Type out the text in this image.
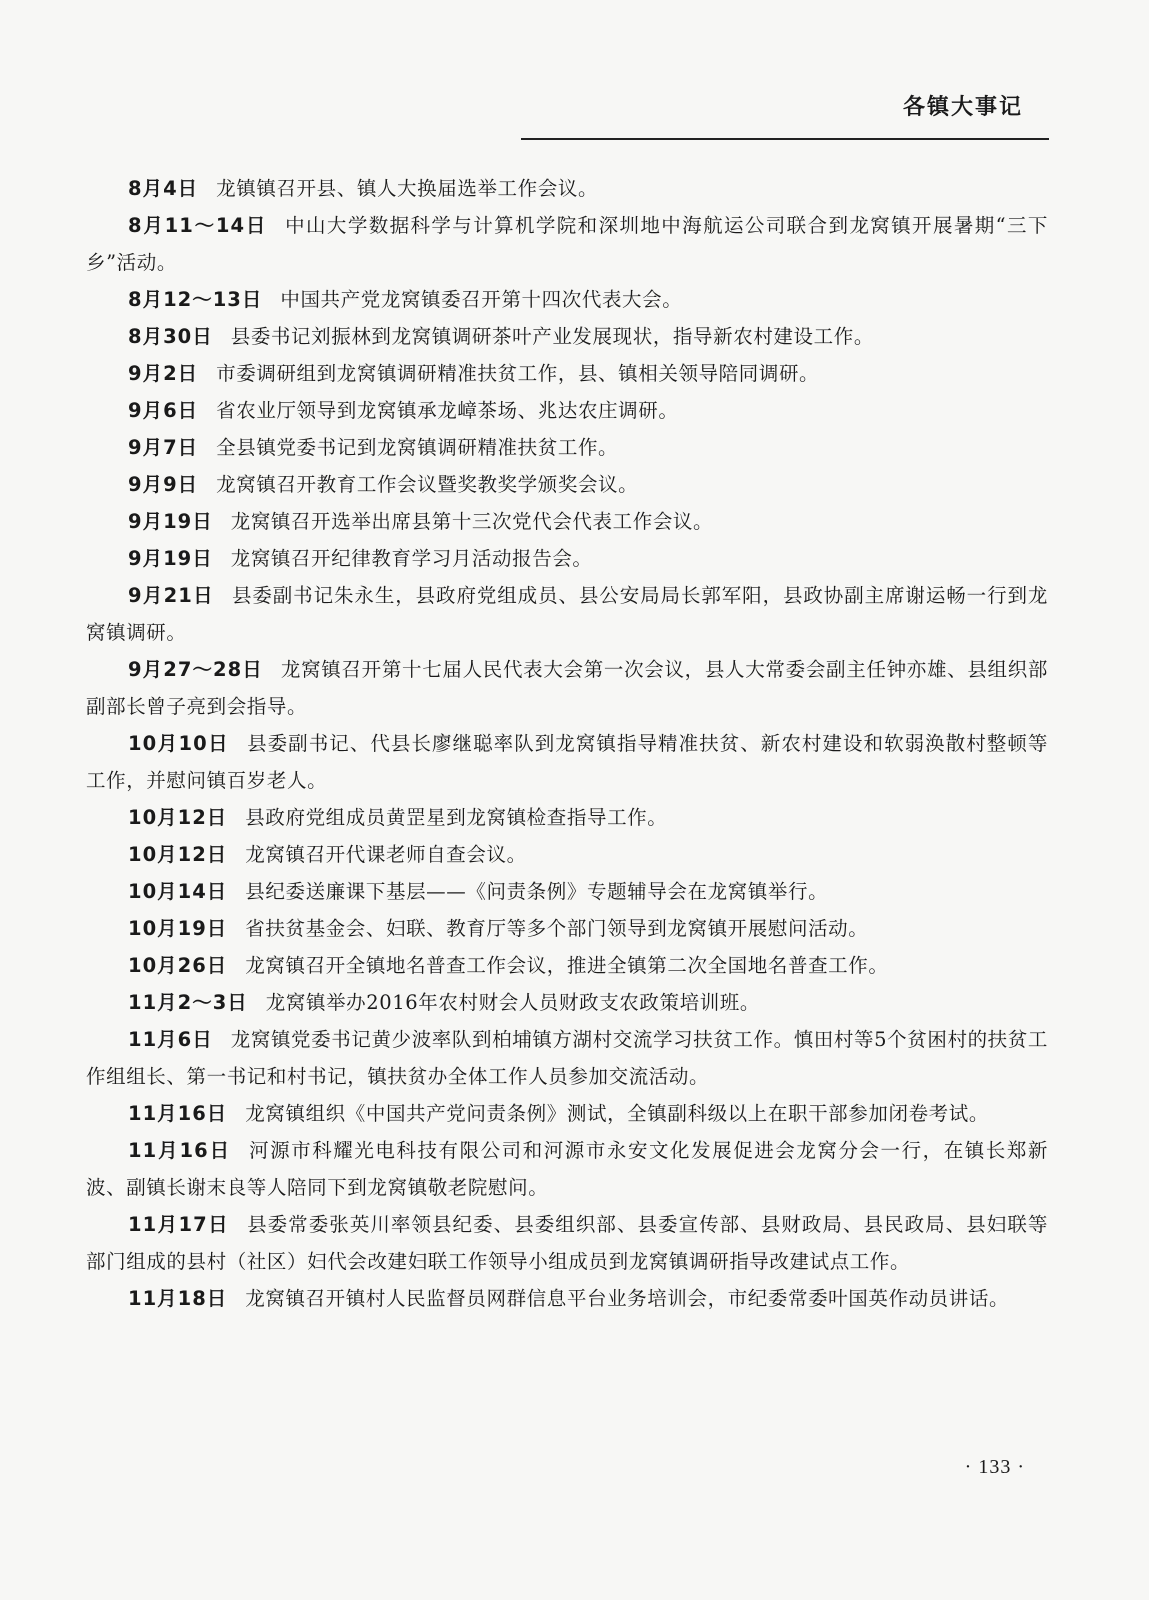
各镇大事记

8月4日 龙镇镇召开县、镇人大换届选举工作会议。

8月11～14日 中山大学数据科学与计算机学院和深圳地中海航运公司联合到龙窝镇开展暑期“三下乡”活动。

8月12～13日 中国共产党龙窝镇委召开第十四次代表大会。

8月30日 县委书记刘振林到龙窝镇调研茶叶产业发展现状，指导新农村建设工作。

9月2日 市委调研组到龙窝镇调研精准扶贫工作，县、镇相关领导陪同调研。

9月6日 省农业厅领导到龙窝镇承龙嶂茶场、兆达农庄调研。

9月7日 全县镇党委书记到龙窝镇调研精准扶贫工作。

9月9日 龙窝镇召开教育工作会议暨奖教奖学颁奖会议。

9月19日 龙窝镇召开选举出席县第十三次党代会代表工作会议。

9月19日 龙窝镇召开纪律教育学习月活动报告会。

9月21日 县委副书记朱永生，县政府党组成员、县公安局局长郭军阳，县政协副主席谢运畅一行到龙窝镇调研。

9月27～28日 龙窝镇召开第十七届人民代表大会第一次会议，县人大常委会副主任钟亦雄、县组织部副部长曾子亮到会指导。

10月10日 县委副书记、代县长廖继聪率队到龙窝镇指导精准扶贫、新农村建设和软弱涣散村整顿等工作，并慰问镇百岁老人。

10月12日 县政府党组成员黄罡星到龙窝镇检查指导工作。

10月12日 龙窝镇召开代课老师自查会议。

10月14日 县纪委送廉课下基层——《问责条例》专题辅导会在龙窝镇举行。

10月19日 省扶贫基金会、妇联、教育厅等多个部门领导到龙窝镇开展慰问活动。

10月26日 龙窝镇召开全镇地名普查工作会议，推进全镇第二次全国地名普查工作。

11月2～3日 龙窝镇举办2016年农村财会人员财政支农政策培训班。

11月6日 龙窝镇党委书记黄少波率队到柏埔镇方湖村交流学习扶贫工作。慎田村等5个贫困村的扶贫工作组组长、第一书记和村书记，镇扶贫办全体工作人员参加交流活动。

11月16日 龙窝镇组织《中国共产党问责条例》测试，全镇副科级以上在职干部参加闭卷考试。

11月16日 河源市科耀光电科技有限公司和河源市永安文化发展促进会龙窝分会一行，在镇长郑新波、副镇长谢末良等人陪同下到龙窝镇敬老院慰问。

11月17日 县委常委张英川率领县纪委、县委组织部、县委宣传部、县财政局、县民政局、县妇联等部门组成的县村（社区）妇代会改建妇联工作领导小组成员到龙窝镇调研指导改建试点工作。

11月18日 龙窝镇召开镇村人民监督员网群信息平台业务培训会，市纪委常委叶国英作动员讲话。

· 133 ·
